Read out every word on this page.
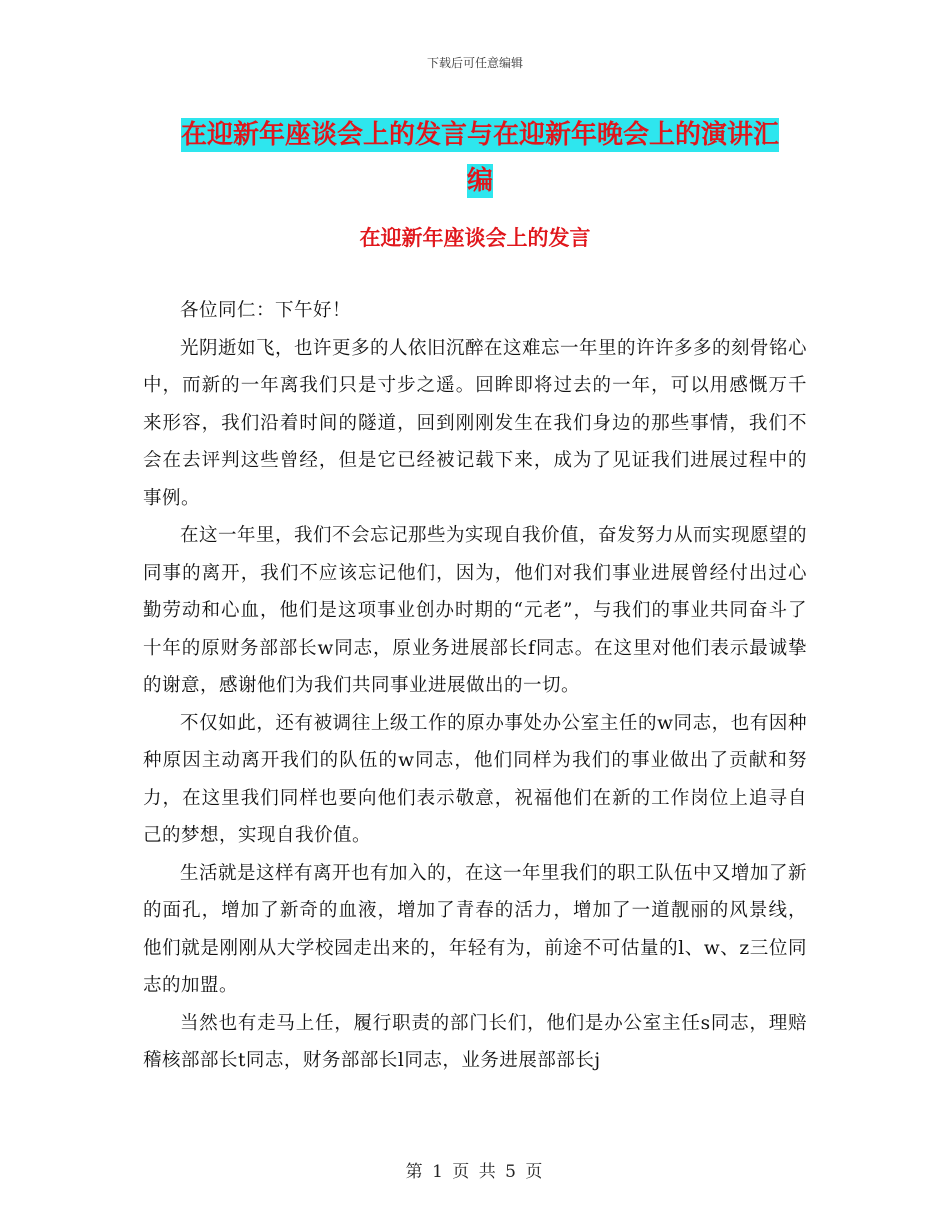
下载后可任意编辑
在迎新年座谈会上的发言与在迎新年晚会上的演讲汇
编
在迎新年座谈会上的发言

各位同仁：下午好！

光阴逝如飞，也许更多的人依旧沉醉在这难忘一年里的许许多多的刻骨铭心中，而新的一年离我们只是寸步之遥。回眸即将过去的一年，可以用感慨万千来形容，我们沿着时间的隧道，回到刚刚发生在我们身边的那些事情，我们不会在去评判这些曾经，但是它已经被记载下来，成为了见证我们进展过程中的事例。

在这一年里，我们不会忘记那些为实现自我价值，奋发努力从而实现愿望的同事的离开，我们不应该忘记他们，因为，他们对我们事业进展曾经付出过心勤劳动和心血，他们是这项事业创办时期的“元老”，与我们的事业共同奋斗了十年的原财务部部长w同志，原业务进展部长f同志。在这里对他们表示最诚挚的谢意，感谢他们为我们共同事业进展做出的一切。

不仅如此，还有被调往上级工作的原办事处办公室主任的w同志，也有因种种原因主动离开我们的队伍的w同志，他们同样为我们的事业做出了贡献和努力，在这里我们同样也要向他们表示敬意，祝福他们在新的工作岗位上追寻自己的梦想，实现自我价值。

生活就是这样有离开也有加入的，在这一年里我们的职工队伍中又增加了新的面孔，增加了新奇的血液，增加了青春的活力，增加了一道靓丽的风景线，他们就是刚刚从大学校园走出来的，年轻有为，前途不可估量的l、w、z三位同志的加盟。

当然也有走马上任，履行职责的部门长们，他们是办公室主任s同志，理赔稽核部部长t同志，财务部部长l同志，业务进展部部长j

第 1 页 共 5 页
